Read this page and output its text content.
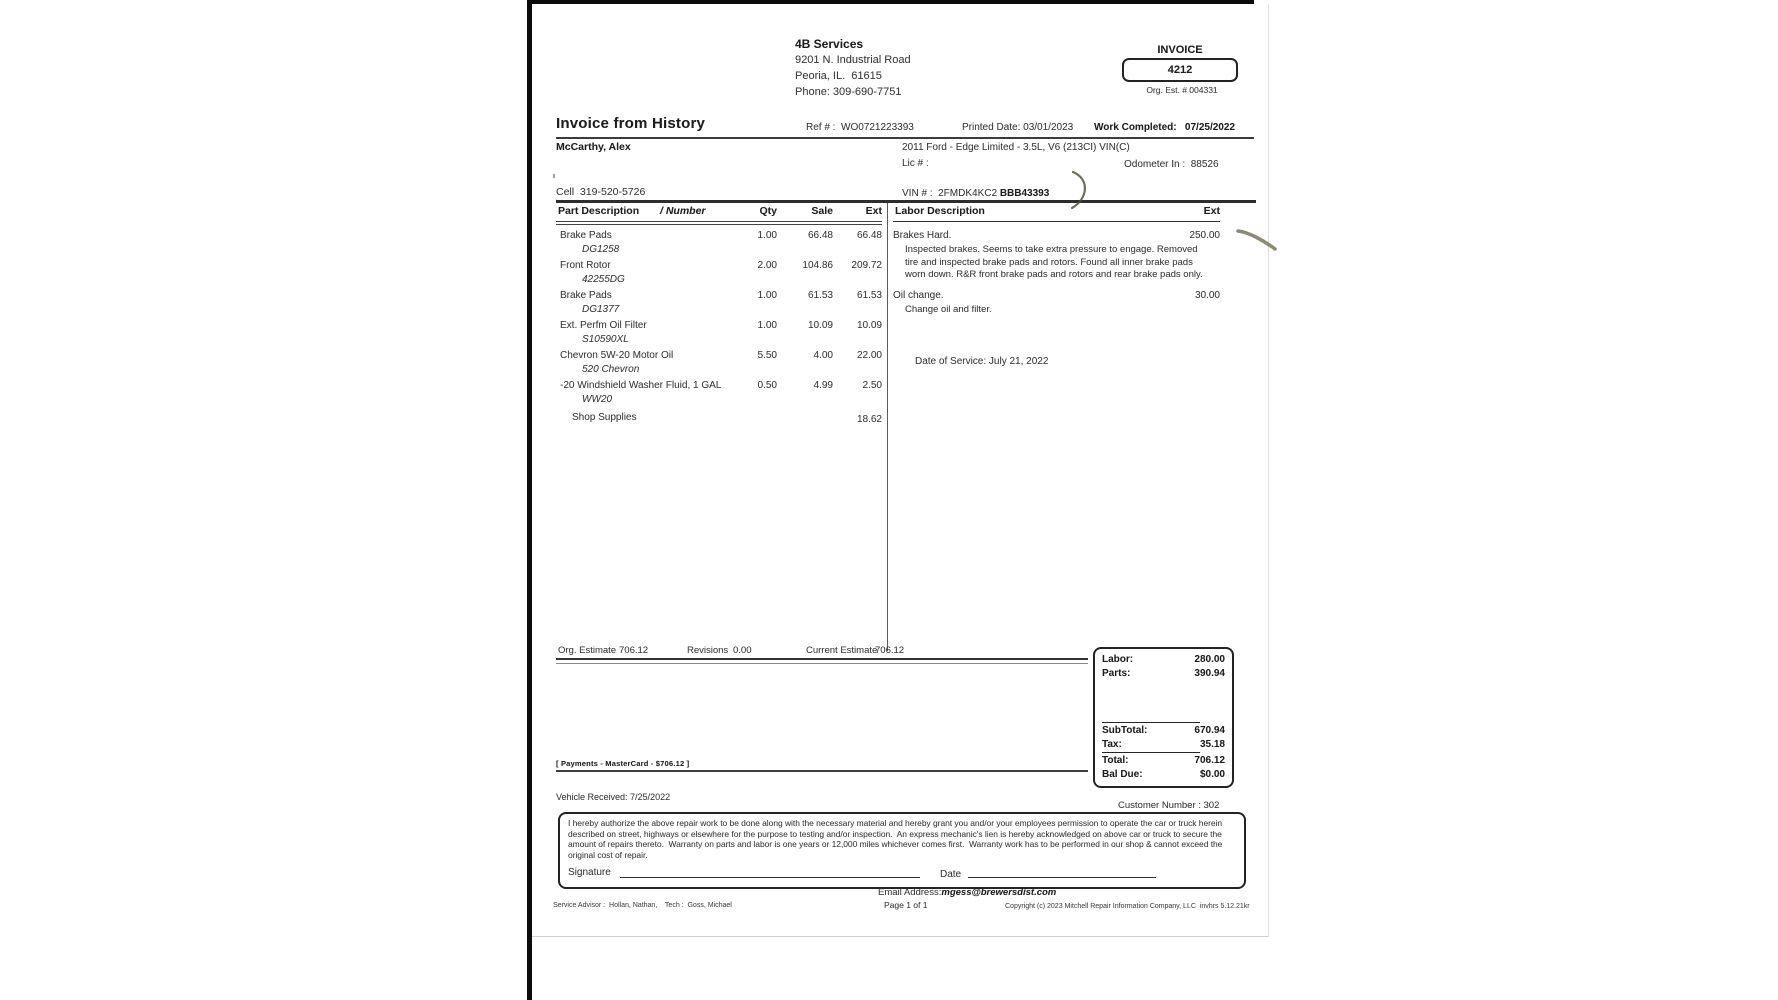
4B Services
9201 N. Industrial Road
Peoria, IL.  61615
Phone: 309-690-7751
INVOICE
4212
Org. Est. # 004331
Invoice from History	Ref # :  WO0721223393	Printed Date: 03/01/2023 Work Completed:   07/25/2022
McCarthy, Alex	2011 Ford - Edge Limited - 3.5L, V6 (213CI) VIN(C)
Lic # :	Odometer In :  88526
Cell  319-520-5726	VIN # :  2FMDK4KC2 BBB43393
Part Description / Number	Qty	Sale	Ext
Brake Pads	1.00	66.48	66.48
DG1258
Front Rotor	2.00	104.86	209.72
42255DG
Brake Pads	1.00	61.53	61.53
DG1377
Ext. Perfm Oil Filter	1.00	10.09	10.09
S10590XL
Chevron 5W-20 Motor Oil	5.50	4.00	22.00
520 Chevron
-20 Windshield Washer Fluid, 1 GAL	0.50	4.99	2.50
WW20
Shop Supplies	18.62
Labor Description	Ext
Brakes Hard.	250.00
Inspected brakes. Seems to take extra pressure to engage. Removed tire and inspected brake pads and rotors. Found all inner brake pads worn down. R&R front brake pads and rotors and rear brake pads only.
Oil change.	30.00
Change oil and filter.
Date of Service: July 21, 2022
Org. Estimate 706.12	Revisions 0.00	Current Estimate
706.12
Labor:	280.00
Parts:	390.94
SubTotal:	670.94
Tax:	35.18
Total:	706.12
Bal Due:	$0.00
[ Payments - MasterCard - $706.12 ]
Vehicle Received: 7/25/2022
Customer Number : 302
I hereby authorize the above repair work to be done along with the necessary material and hereby grant you and/or your employees permission to operate the car or truck herein described on street, highways or elsewhere for the purpose to testing and/or inspection.  An express mechanic's lien is hereby acknowledged on above car or truck to secure the amount of repairs thereto.  Warranty on parts and labor is one years or 12,000 miles whichever comes first.  Warranty work has to be performed in our shop & cannot exceed the original cost of repair.
Signature	Date
Email Address:mgess@brewersdist.com
Service Advisor :  Hollan, Nathan,    Tech :  Goss, Michael	Page 1 of 1	Copyright (c) 2023 Mitchell Repair Information Company, LLC  invhrs 5.12.21kr
